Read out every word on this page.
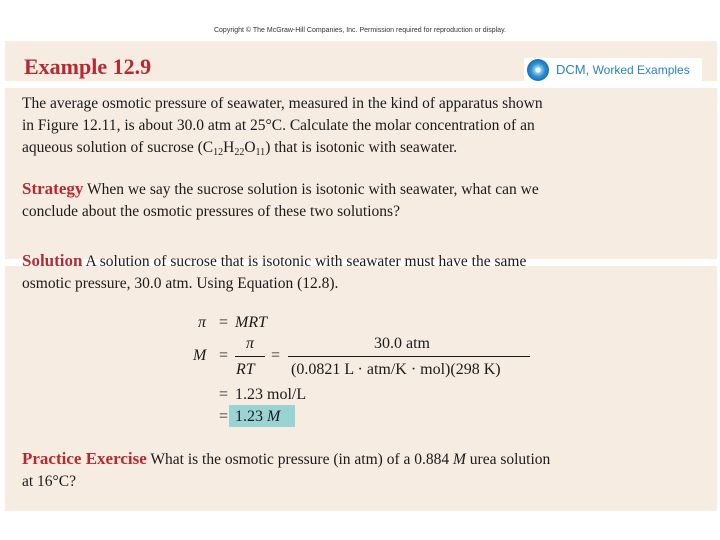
Copyright © The McGraw-Hill Companies, Inc. Permission required for reproduction or display.
Example 12.9	DCM, Worked Examples
The average osmotic pressure of seawater, measured in the kind of apparatus shown
in Figure 12.11, is about 30.0 atm at 25°C. Calculate the molar concentration of an
aqueous solution of sucrose $(C_{12}H_{22}O_{11})$ that is isotonic with seawater.
Strategy When we say the sucrose solution is isotonic with seawater, what can we
conclude about the osmotic pressures of these two solutions?
Solution A solution of sucrose that is isotonic with seawater must have the same
osmotic pressure, 30.0 atm. Using Equation (12.8).
π = MRT
M =
π
RT
=
30.0 atm
(0.0821 L · atm/K · mol)(298 K)
= 1.23 mol/L
= 1.23 M
Practice Exercise What is the osmotic pressure (in atm) of a 0.884 M urea solution
at 16°C?
